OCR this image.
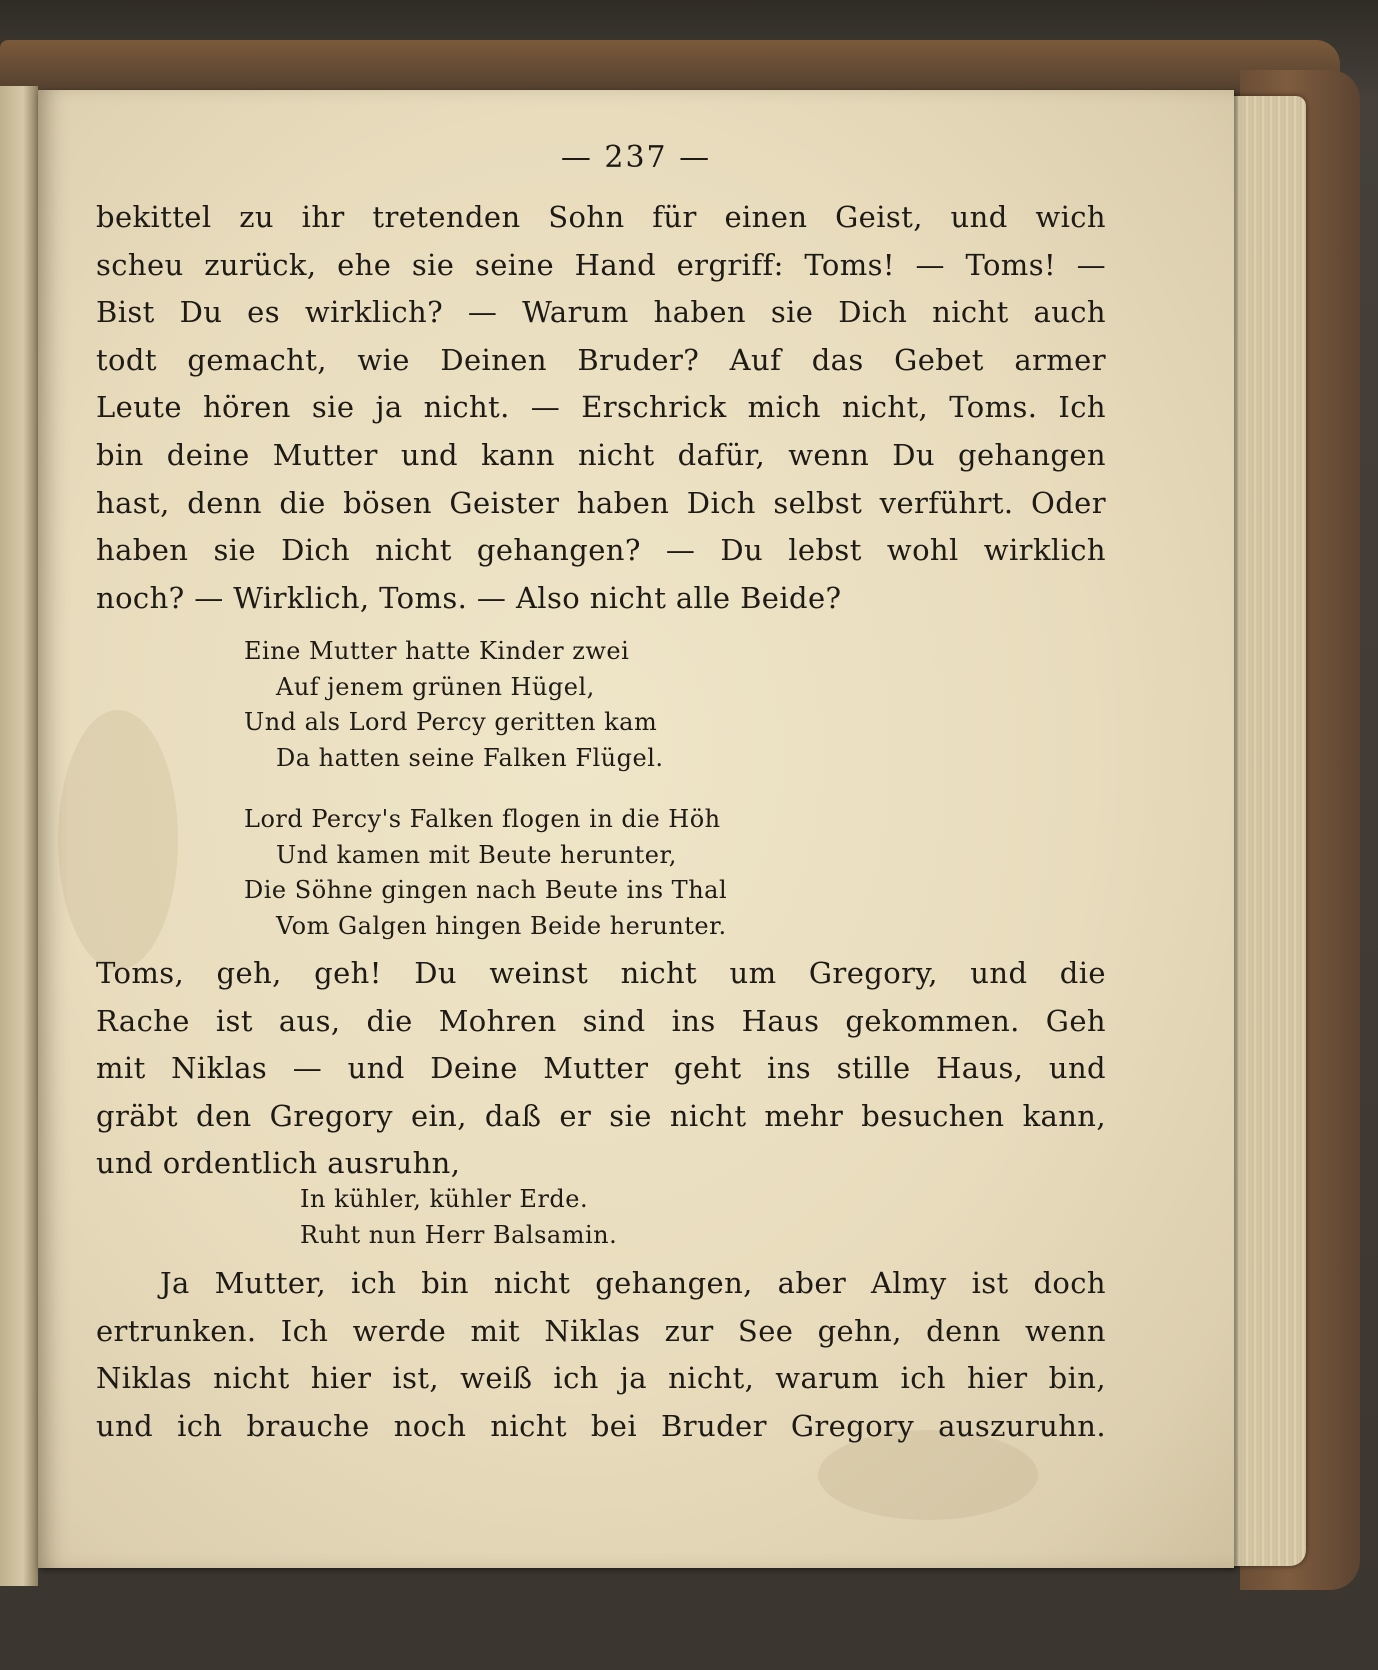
— 237 —
bekittel zu ihr tretenden Sohn für einen Geist, und wich
scheu zurück, ehe sie seine Hand ergriff: Toms! — Toms! —
Bist Du es wirklich? — Warum haben sie Dich nicht auch
todt gemacht, wie Deinen Bruder? Auf das Gebet armer
Leute hören sie ja nicht. — Erschrick mich nicht, Toms. Ich
bin deine Mutter und kann nicht dafür, wenn Du gehangen
hast, denn die bösen Geister haben Dich selbst verführt. Oder
haben sie Dich nicht gehangen? — Du lebst wohl wirklich
noch? — Wirklich, Toms. — Also nicht alle Beide?
Eine Mutter hatte Kinder zwei
Auf jenem grünen Hügel,
Und als Lord Percy geritten kam
Da hatten seine Falken Flügel.
Lord Percy's Falken flogen in die Höh
Und kamen mit Beute herunter,
Die Söhne gingen nach Beute ins Thal
Vom Galgen hingen Beide herunter.
Toms, geh, geh! Du weinst nicht um Gregory, und die
Rache ist aus, die Mohren sind ins Haus gekommen. Geh
mit Niklas — und Deine Mutter geht ins stille Haus, und
gräbt den Gregory ein, daß er sie nicht mehr besuchen kann,
und ordentlich ausruhn,
In kühler, kühler Erde.
Ruht nun Herr Balsamin.
Ja Mutter, ich bin nicht gehangen, aber Almy ist doch
ertrunken. Ich werde mit Niklas zur See gehn, denn wenn
Niklas nicht hier ist, weiß ich ja nicht, warum ich hier bin,
und ich brauche noch nicht bei Bruder Gregory auszuruhn.
